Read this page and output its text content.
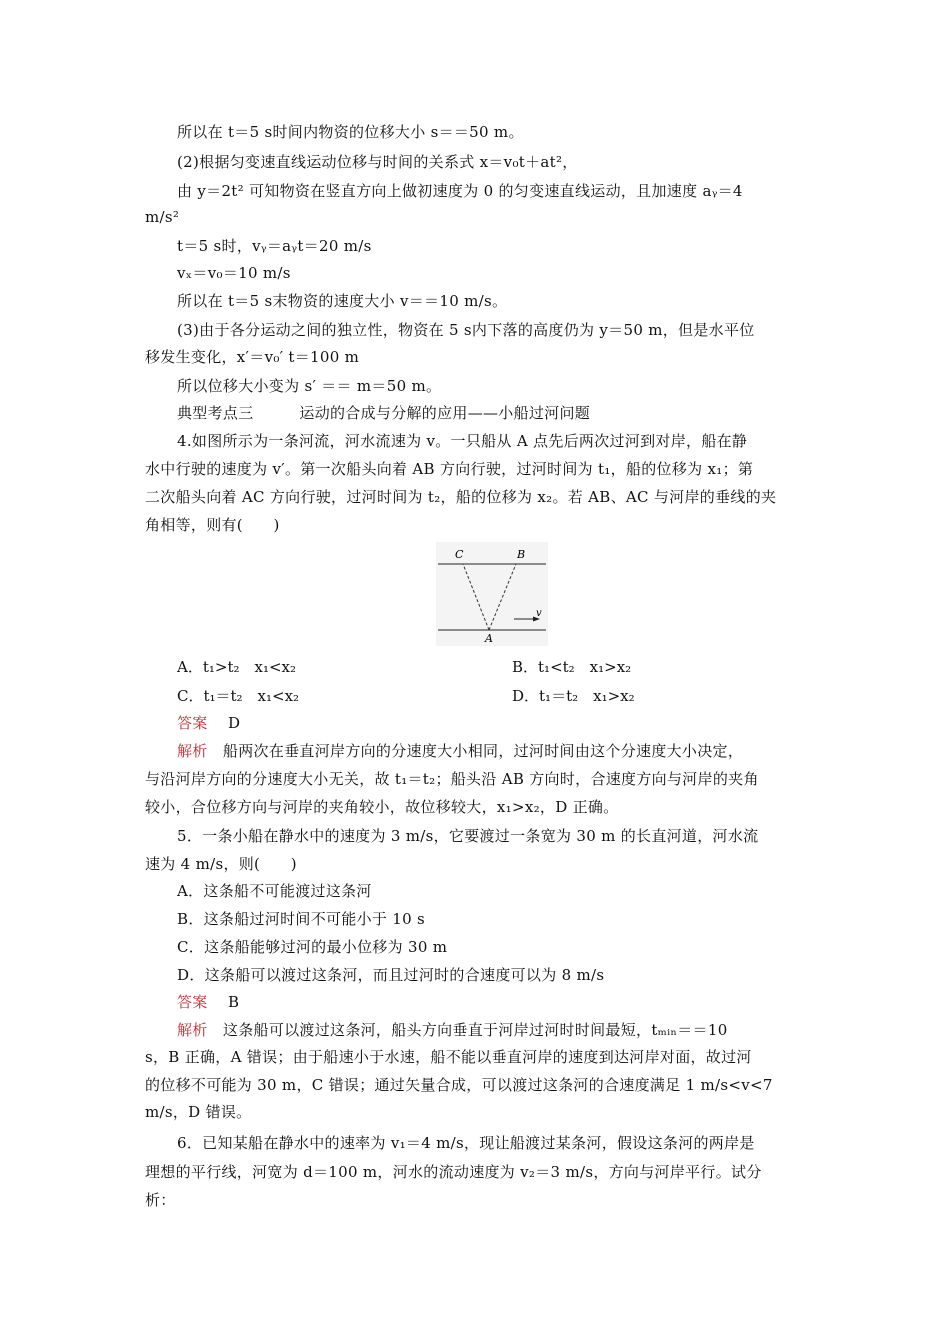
所以在 t＝5 s时间内物资的位移大小 s＝＝50 m。
(2)根据匀变速直线运动位移与时间的关系式 x＝v₀t＋at²，
由 y＝2t² 可知物资在竖直方向上做初速度为 0 的匀变速直线运动，且加速度 aᵧ＝4
m/s²
t＝5 s时，vᵧ＝aᵧt＝20 m/s
vₓ＝v₀＝10 m/s
所以在 t＝5 s末物资的速度大小 v＝＝10 m/s。
(3)由于各分运动之间的独立性，物资在 5 s内下落的高度仍为 y＝50 m，但是水平位
移发生变化，x′＝v₀′ t＝100 m
所以位移大小变为 s′ ＝＝ m＝50 m。
典型考点三　　　运动的合成与分解的应用——小船过河问题
4.如图所示为一条河流，河水流速为 v。一只船从 A 点先后两次过河到对岸，船在静
水中行驶的速度为 v′。第一次船头向着 AB 方向行驶，过河时间为 t₁，船的位移为 x₁；第
二次船头向着 AC 方向行驶，过河时间为 t₂，船的位移为 x₂。若 AB、AC 与河岸的垂线的夹
角相等，则有(　　)
C	B
A
v
A．t₁>t₂　x₁<x₂	B．t₁<t₂　x₁>x₂
C．t₁＝t₂　x₁<x₂	D．t₁＝t₂　x₁>x₂
答案　 D
解析　 船两次在垂直河岸方向的分速度大小相同，过河时间由这个分速度大小决定，
与沿河岸方向的分速度大小无关，故 t₁＝t₂；船头沿 AB 方向时，合速度方向与河岸的夹角
较小，合位移方向与河岸的夹角较小，故位移较大，x₁>x₂，D 正确。
5．一条小船在静水中的速度为 3 m/s，它要渡过一条宽为 30 m 的长直河道，河水流
速为 4 m/s，则(　　)
A．这条船不可能渡过这条河
B．这条船过河时间不可能小于 10 s
C．这条船能够过河的最小位移为 30 m
D．这条船可以渡过这条河，而且过河时的合速度可以为 8 m/s
答案　 B
解析　 这条船可以渡过这条河，船头方向垂直于河岸过河时时间最短，tₘᵢₙ＝＝10
s，B 正确，A 错误；由于船速小于水速，船不能以垂直河岸的速度到达河岸对面，故过河
的位移不可能为 30 m，C 错误；通过矢量合成，可以渡过这条河的合速度满足 1 m/s<v<7
m/s，D 错误。
6．已知某船在静水中的速率为 v₁＝4 m/s，现让船渡过某条河，假设这条河的两岸是
理想的平行线，河宽为 d＝100 m，河水的流动速度为 v₂＝3 m/s，方向与河岸平行。试分
析：
